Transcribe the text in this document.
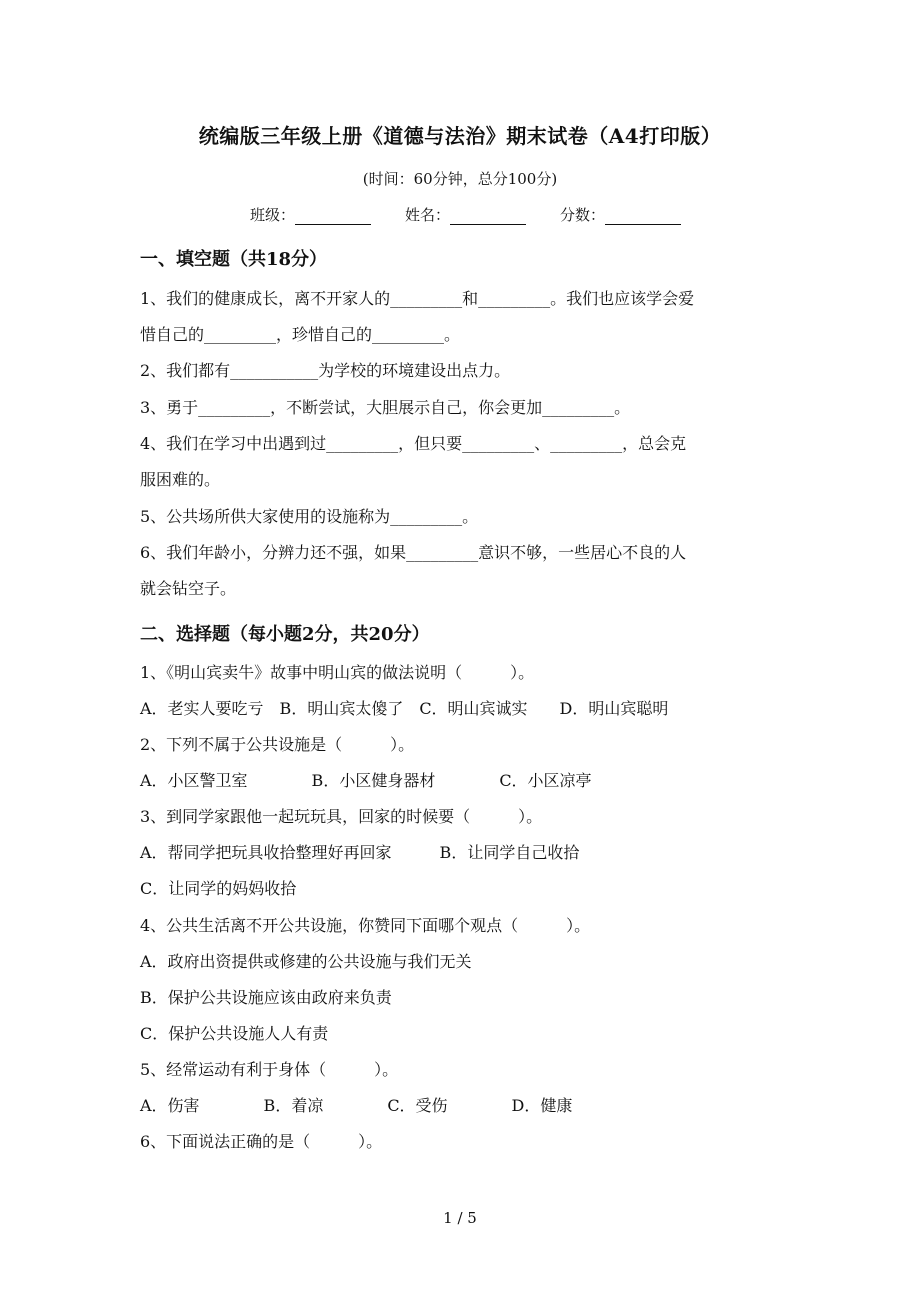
统编版三年级上册《道德与法治》期末试卷（A4打印版）
(时间：60分钟，总分100分)
班级：	姓名：	分数：
一、填空题（共18分）
1、我们的健康成长，离不开家人的_________和_________。我们也应该学会爱
惜自己的_________，珍惜自己的_________。
2、我们都有___________为学校的环境建设出点力。
3、勇于_________，不断尝试，大胆展示自己，你会更加_________。
4、我们在学习中出遇到过_________，但只要_________、_________，总会克
服困难的。
5、公共场所供大家使用的设施称为_________。
6、我们年龄小，分辨力还不强，如果_________意识不够，一些居心不良的人
就会钻空子。
二、选择题（每小题2分，共20分）
1、《明山宾卖牛》故事中明山宾的做法说明（　　　）。
A．老实人要吃亏　B．明山宾太傻了　C．明山宾诚实　　D．明山宾聪明
2、下列不属于公共设施是（　　　）。
A．小区警卫室　　　　B．小区健身器材　　　　C．小区凉亭
3、到同学家跟他一起玩玩具，回家的时候要（　　　）。
A．帮同学把玩具收拾整理好再回家　　　B．让同学自己收拾
C．让同学的妈妈收拾
4、公共生活离不开公共设施，你赞同下面哪个观点（　　　）。
A．政府出资提供或修建的公共设施与我们无关
B．保护公共设施应该由政府来负责
C．保护公共设施人人有责
5、经常运动有利于身体（　　　）。
A．伤害　　　　B．着凉　　　　C．受伤　　　　D．健康
6、下面说法正确的是（　　　）。
1 / 5
